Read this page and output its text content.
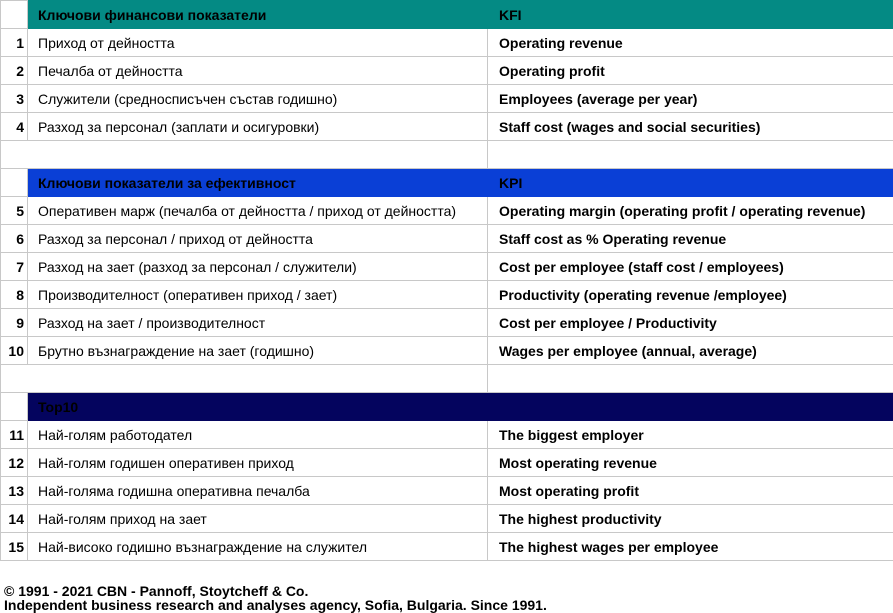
	Ключови финансови показатели	KFI
1	Приход от дейността	Operating revenue
2	Печалба от дейността	Operating profit
3	Служители (средносписъчен състав годишно)	Employees (average per year)
4	Разход за персонал (заплати и осигуровки)	Staff cost (wages and social securities)

	Ключови показатели за ефективност	KPI
5	Оперативен марж (печалба от дейността / приход от дейността)	Operating margin (operating profit / operating revenue)
6	Разход за персонал / приход от дейността	Staff cost as % Operating revenue
7	Разход на зает (разход за персонал / служители)	Cost per employee (staff cost / employees)
8	Производителност (оперативен приход / зает)	Productivity (operating revenue /employee)
9	Разход на зает / производителност	Cost per employee / Productivity
10	Брутно възнаграждение на зает (годишно)	Wages per employee (annual, average)

	Top10	
11	Най-голям работодател	The biggest employer
12	Най-голям годишен оперативен приход	Most operating revenue
13	Най-голяма годишна оперативна печалба	Most operating profit
14	Най-голям приход на зает	The highest productivity
15	Най-високо годишно възнаграждение на служител	The highest wages per employee
© 1991 - 2021 CBN - Pannoff, Stoytcheff & Co.
Independent business research and analyses agency, Sofia, Bulgaria. Since 1991.
